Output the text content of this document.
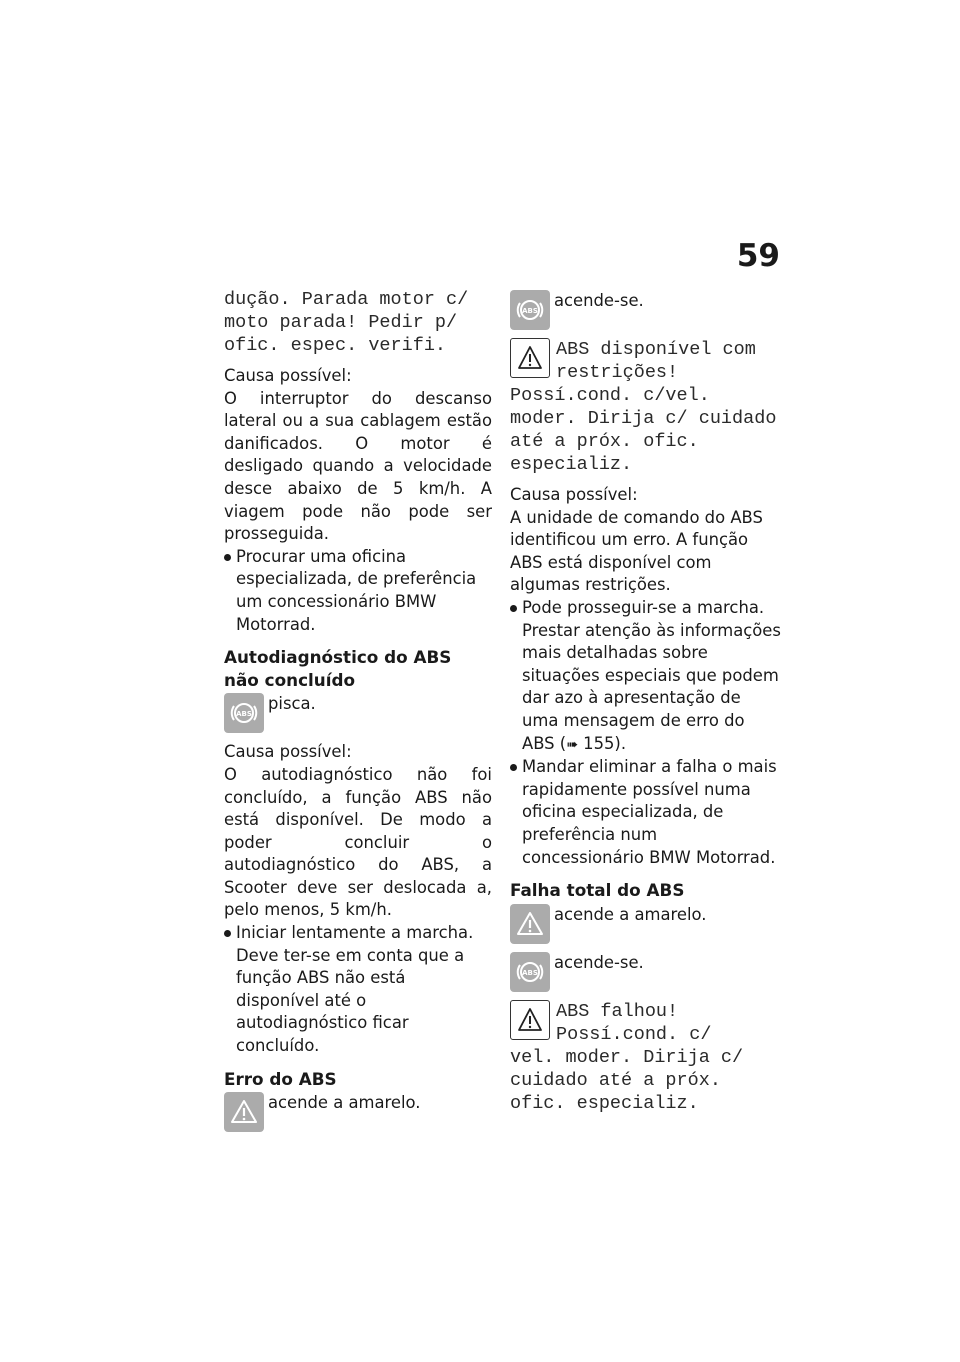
59

dução. Parada motor c/ moto parada! Pedir p/ ofic. espec. verifi.

Causa possível:

O interruptor do descanso lateral ou a sua cablagem estão danificados. O motor é desligado quando a velocidade desce abaixo de 5 km/h. A viagem pode não pode ser prosseguida.

Procurar uma oficina especializada, de preferência um concessionário BMW Motorrad.

Autodiagnóstico do ABS não concluído

ABS
pisca.

Causa possível:

O autodiagnóstico não foi concluído, a função ABS não está disponível. De modo a poder concluir o autodiagnóstico do ABS, a Scooter deve ser deslocada a, pelo menos, 5 km/h.

Iniciar lentamente a marcha. Deve ter-se em conta que a função ABS não está disponível até o autodiagnóstico ficar concluído.

Erro do ABS

acende a amarelo.
ABS
acende-se.

ABS disponível com restrições!

Possí.cond. c/vel. moder. Dirija c/ cuidado até a próx. ofic. especializ.

Causa possível:

A unidade de comando do ABS identificou um erro. A função ABS está disponível com algumas restrições.

Pode prosseguir-se a marcha. Prestar atenção às informações mais detalhadas sobre situações especiais que podem dar azo à apresentação de uma mensagem de erro do ABS (➠ 155).
Mandar eliminar a falha o mais rapidamente possível numa oficina especializada, de preferência num concessionário BMW Motorrad.

Falha total do ABS

acende a amarelo.
ABS
acende-se.

ABS falhou! Possí.cond. c/

vel. moder. Dirija c/ cuidado até a próx. ofic. especializ.
